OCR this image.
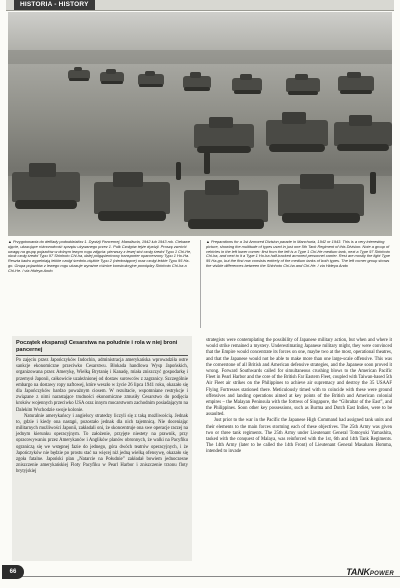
HISTORIA - HISTORY
▲ Przygotowania do defilady pododdziałów 1. Dywizji Pancernej, Mandżuria, 1942 lub 1943 rok. Ciekawe ujęcie, ukazujące różnorodność sprzętu używanego przez 1. Pułk Czołgów tejże dywizji. Proszę zwrócić uwagę na grupę pojazdów w dolnym lewym rogu zdjęcia: pierwszy z lewej stoi czołg średni Typu 1 Chi-He, obok czołg średni Typu 97 Shinhoto Chi-ha, dalej półgąsienicowy transporter opancerzony Typu 1 Ho-Ha. Reszta kadru wypełniają lekkie czołgi średnio-ciężkie Typu 2 (niedostępne) oraz czołgi lekkie Typu 95 Ha-go. Grupa pojazdów z lewego rogu ukazuje wyraźne różnice konstrukcyjne pomiędzy Shinhoto Chi-ha a Chi-He. / via Hideya Ando
▲ Preparations for a 1st Armored Division parade in Manchuria, 1942 or 1943. This is a very interesting picture, showing the multitude of types used in just one 5th Tank Regiment of this Division. Note a group of vehicles in the left lower corner: first from the left is a Type 1 Chi-He medium tank, next a Type 97 Shinhoto Chi-ha, and next to it a Type 1 Ho-ha half-tracked armored personnel carrier. Rest are mostly the light Type 95 Ha-go, but the first row consists entirely of the medium tanks of both types. The left corner group shows the visible differences between the Shinhoto Chi-ha and Chi-He. / via Hideya Ando
Początek ekspansji Cesarstwa na południe i rola w niej broni pancernej

Po zajęciu przez Japończyków Indochin, administracja amerykańska wprowadziła ostre sankcje ekonomiczne przeciwko Cesarstwu. Blokada handlowa Wysp Japońskich, organizowana przez Amerykę, Wielką Brytanię i Kanadę, miała zniszczyć gospodarkę i przemysł Japonii, całkowicie uzależnionej od dostaw surowców z zagranicy. Szczególnie embargo na dostawy ropy naftowej, które weszło w życie 26 lipca 1941 roku, okazało się dla Japończyków bardzo poważnym ciosem. W rezultacie, wspomniane restrykcje i związane z nimi narastające trudności ekonomiczne zmusiły Cesarstwo do podjęcia kroków wojennych przeciwko USA oraz innym mocarstwom zachodnim posiadającym na Dalekim Wschodzie swoje kolonie.

Naturalnie amerykańscy i angielscy stratedzy liczyli się z taką możliwością. Jednak to, gdzie i kiedy ona nastąpi, pozostało jednak dla nich tajemnicą. Nie doceniając militarnych możliwości Japonii, zakładali oni, że skoncentruje ona swe operacje raczej na jednym kierunku operacyjnym. To założenie, przyjęte niestety na prawnik, przy opracowywaniu przez Amerykanów i Anglików planów obronnych, że walki na Pacyfiku ograniczą się we wstępnej fazie do jednego, góra dwóch teatrów operacyjnych, i że Japończyków nie będzie po prostu stać na więcej niż jedną wielką ofensywę, okazało się zgoła fatalne. Japoński plan „Natarcie na Południe” zakładał bowiem jednoczesne zniszczenie amerykańskiej Floty Pacyfiku w Pearl Harbor i zniszczenie trzonu floty brytyjskiej

strategists were contemplating the possibility of Japanese military action, but when and where it would strike remained a mystery. Underestimating Japanese military might, they were convinced that the Empire would concentrate its forces on one, maybe two at the most, operational theatres, and that the Japanese would not be able to make more than one large-scale offensive. This was the cornerstone of all British and American defensive strategies, and the Japanese soon proved it wrong. Forward Southwards called for simultaneous crushing blows to the American Pacific Fleet in Pearl Harbor and the core of the British Far Eastern Fleet, coupled with Taiwan-based 5th Air Fleet air strikes on the Philippines to achieve air supremacy and destroy the 35 USAAF Flying Fortresses stationed there. Meticulously timed with to coincide with these were ground offensives and landing operations aimed at key points of the British and American colonial empires – the Malayan Peninsula with the fortress of Singapore, the “Gibraltar of the East”, and the Philippines. Soon other key possessions, such as Burma and Dutch East Indies, were to be assaulted.

Just prior to the war in the Pacific the Japanese High Command had assigned tank units and their elements to the main forces storming each of these objectives. The 25th Army was given two or three tank regiments. The 25th Army under Lieutenant General Tomoyuki Yamashita, tasked with the conquest of Malaya, was reinforced with the 1st, 6th and 14th Tank Regiments. The 14th Army (later to be called the 14th Front) of Lieutenant General Masaharu Homma, intended to invade

66	TANKPOWER
